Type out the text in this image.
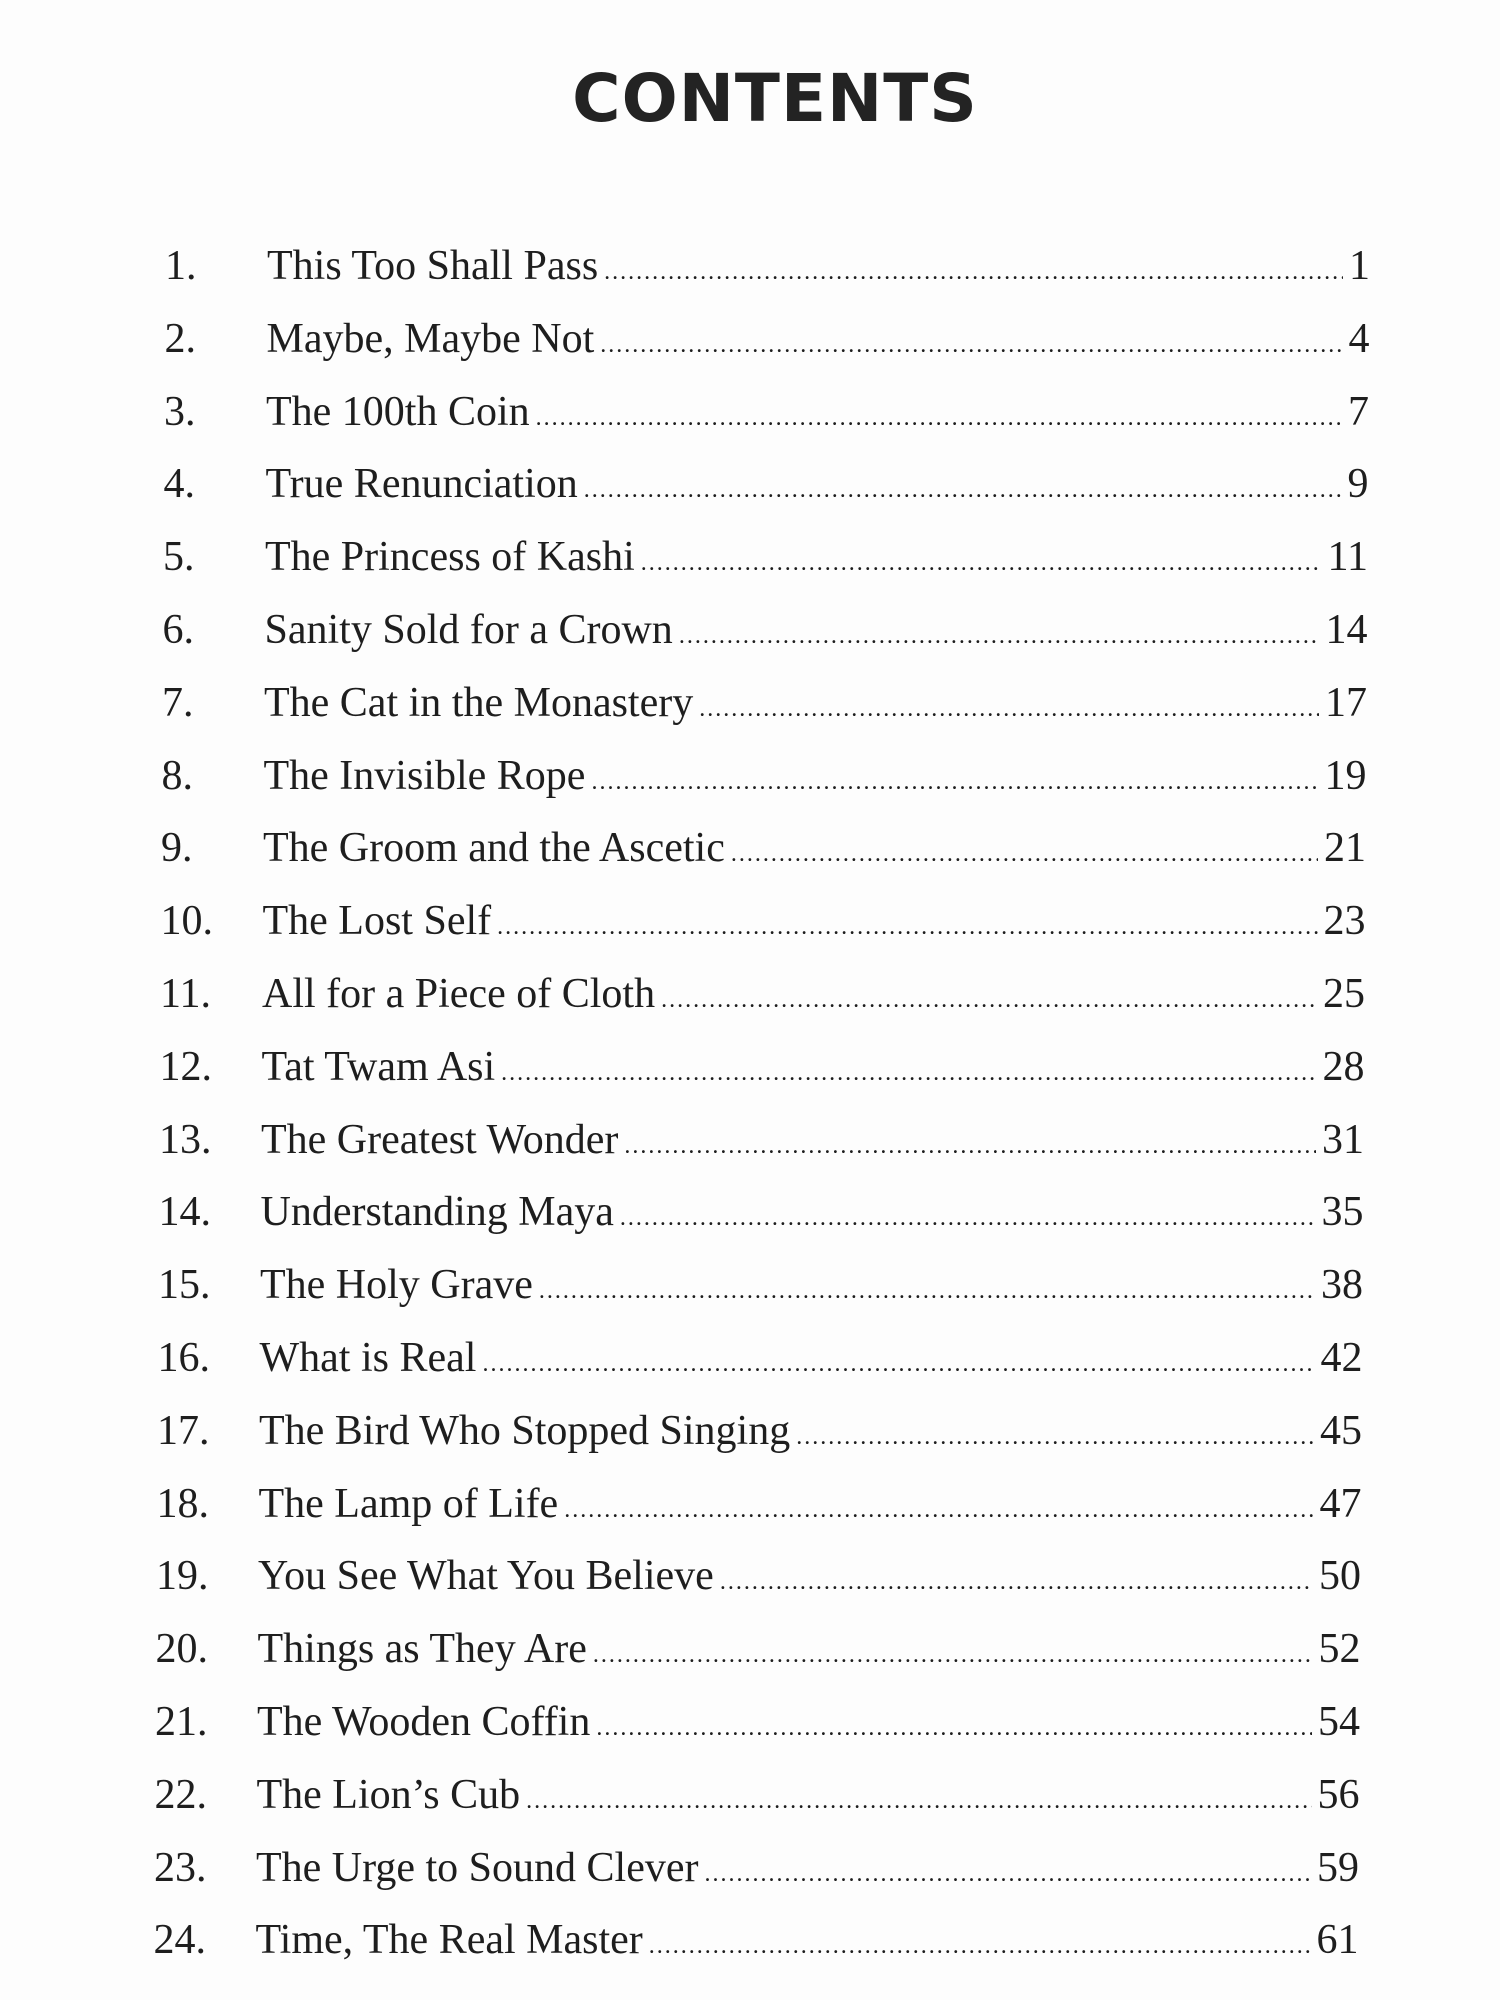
CONTENTS
1.	This Too Shall Pass .....	1
2.	Maybe, Maybe Not .....	4
3.	The 100th Coin .....	7
4.	True Renunciation .....	9
5.	The Princess of Kashi .....	11
6.	Sanity Sold for a Crown .....	14
7.	The Cat in the Monastery .....	17
8.	The Invisible Rope .....	19
9.	The Groom and the Ascetic .....	21
10.	The Lost Self .....	23
11.	All for a Piece of Cloth .....	25
12.	Tat Twam Asi .....	28
13.	The Greatest Wonder .....	31
14.	Understanding Maya .....	35
15.	The Holy Grave .....	38
16.	What is Real .....	42
17.	The Bird Who Stopped Singing .....	45
18.	The Lamp of Life .....	47
19.	You See What You Believe .....	50
20.	Things as They Are .....	52
21.	The Wooden Coffin .....	54
22.	The Lion’s Cub .....	56
23.	The Urge to Sound Clever .....	59
24.	Time, The Real Master .....	61
